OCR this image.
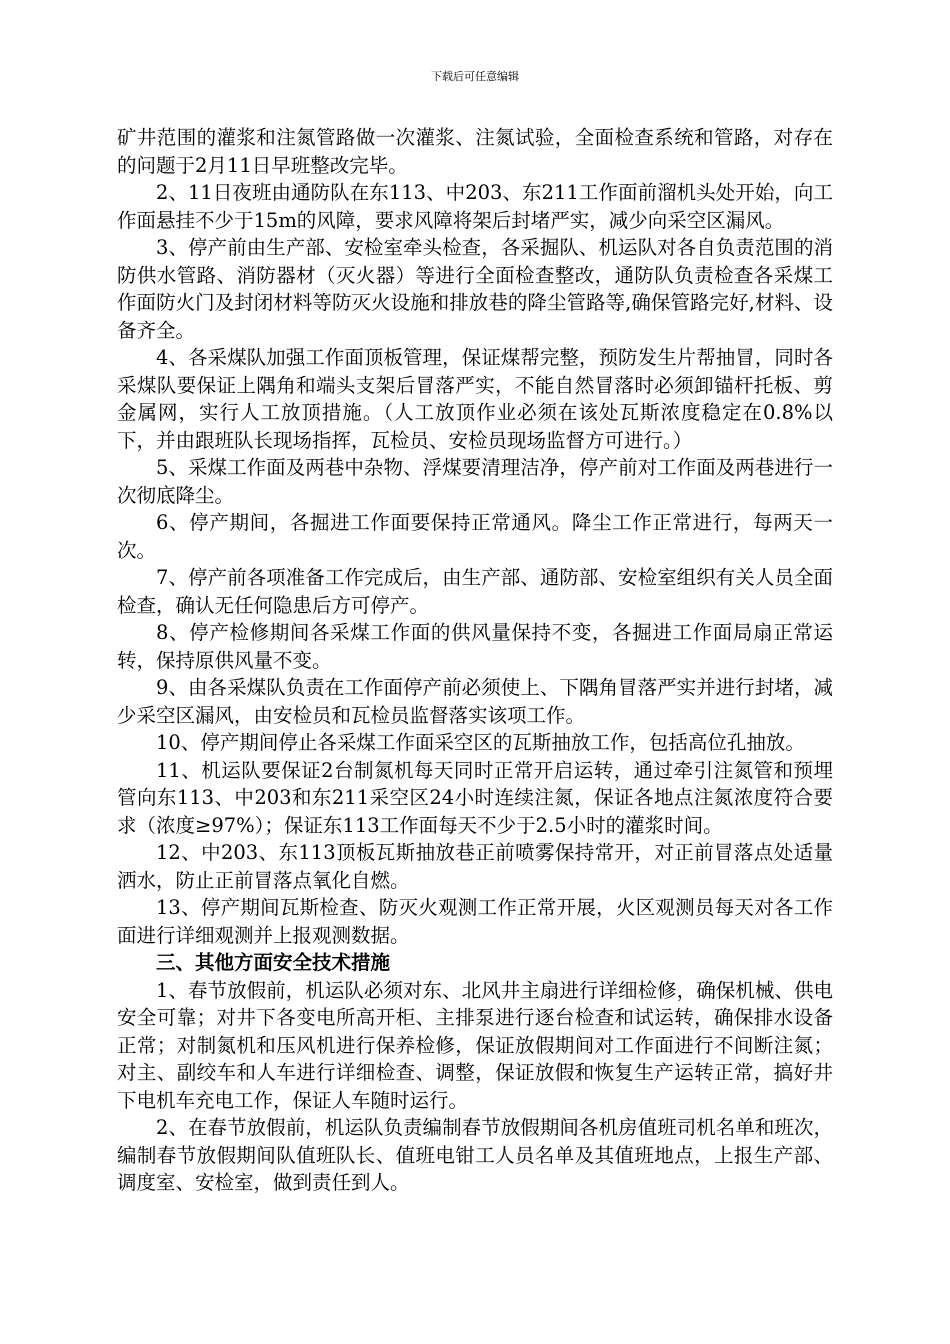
下载后可任意编辑

矿井范围的灌浆和注氮管路做一次灌浆、注氮试验，全面检查系统和管路，对存在的问题于2月11日早班整改完毕。

2、11日夜班由通防队在东113、中203、东211工作面前溜机头处开始，向工作面悬挂不少于15m的风障，要求风障将架后封堵严实，减少向采空区漏风。

3、停产前由生产部、安检室牵头检查，各采掘队、机运队对各自负责范围的消防供水管路、消防器材（灭火器）等进行全面检查整改，通防队负责检查各采煤工作面防火门及封闭材料等防灭火设施和排放巷的降尘管路等,确保管路完好,材料、设备齐全。

4、各采煤队加强工作面顶板管理，保证煤帮完整，预防发生片帮抽冒，同时各采煤队要保证上隅角和端头支架后冒落严实，不能自然冒落时必须卸锚杆托板、剪金属网，实行人工放顶措施。（人工放顶作业必须在该处瓦斯浓度稳定在0.8%以下，并由跟班队长现场指挥，瓦检员、安检员现场监督方可进行。）

5、采煤工作面及两巷中杂物、浮煤要清理洁净，停产前对工作面及两巷进行一次彻底降尘。

6、停产期间，各掘进工作面要保持正常通风。降尘工作正常进行，每两天一次。

7、停产前各项准备工作完成后，由生产部、通防部、安检室组织有关人员全面检查，确认无任何隐患后方可停产。

8、停产检修期间各采煤工作面的供风量保持不变，各掘进工作面局扇正常运转，保持原供风量不变。

9、由各采煤队负责在工作面停产前必须使上、下隅角冒落严实并进行封堵，减少采空区漏风，由安检员和瓦检员监督落实该项工作。

10、停产期间停止各采煤工作面采空区的瓦斯抽放工作，包括高位孔抽放。

11、机运队要保证2台制氮机每天同时正常开启运转，通过牵引注氮管和预埋管向东113、中203和东211采空区24小时连续注氮，保证各地点注氮浓度符合要求（浓度≥97%）；保证东113工作面每天不少于2.5小时的灌浆时间。

12、中203、东113顶板瓦斯抽放巷正前喷雾保持常开，对正前冒落点处适量洒水，防止正前冒落点氧化自燃。

13、停产期间瓦斯检查、防灭火观测工作正常开展，火区观测员每天对各工作面进行详细观测并上报观测数据。

三、其他方面安全技术措施

1、春节放假前，机运队必须对东、北风井主扇进行详细检修，确保机械、供电安全可靠；对井下各变电所高开柜、主排泵进行逐台检查和试运转，确保排水设备正常；对制氮机和压风机进行保养检修，保证放假期间对工作面进行不间断注氮；对主、副绞车和人车进行详细检查、调整，保证放假和恢复生产运转正常，搞好井下电机车充电工作，保证人车随时运行。

2、在春节放假前，机运队负责编制春节放假期间各机房值班司机名单和班次，编制春节放假期间队值班队长、值班电钳工人员名单及其值班地点，上报生产部、调度室、安检室，做到责任到人。
